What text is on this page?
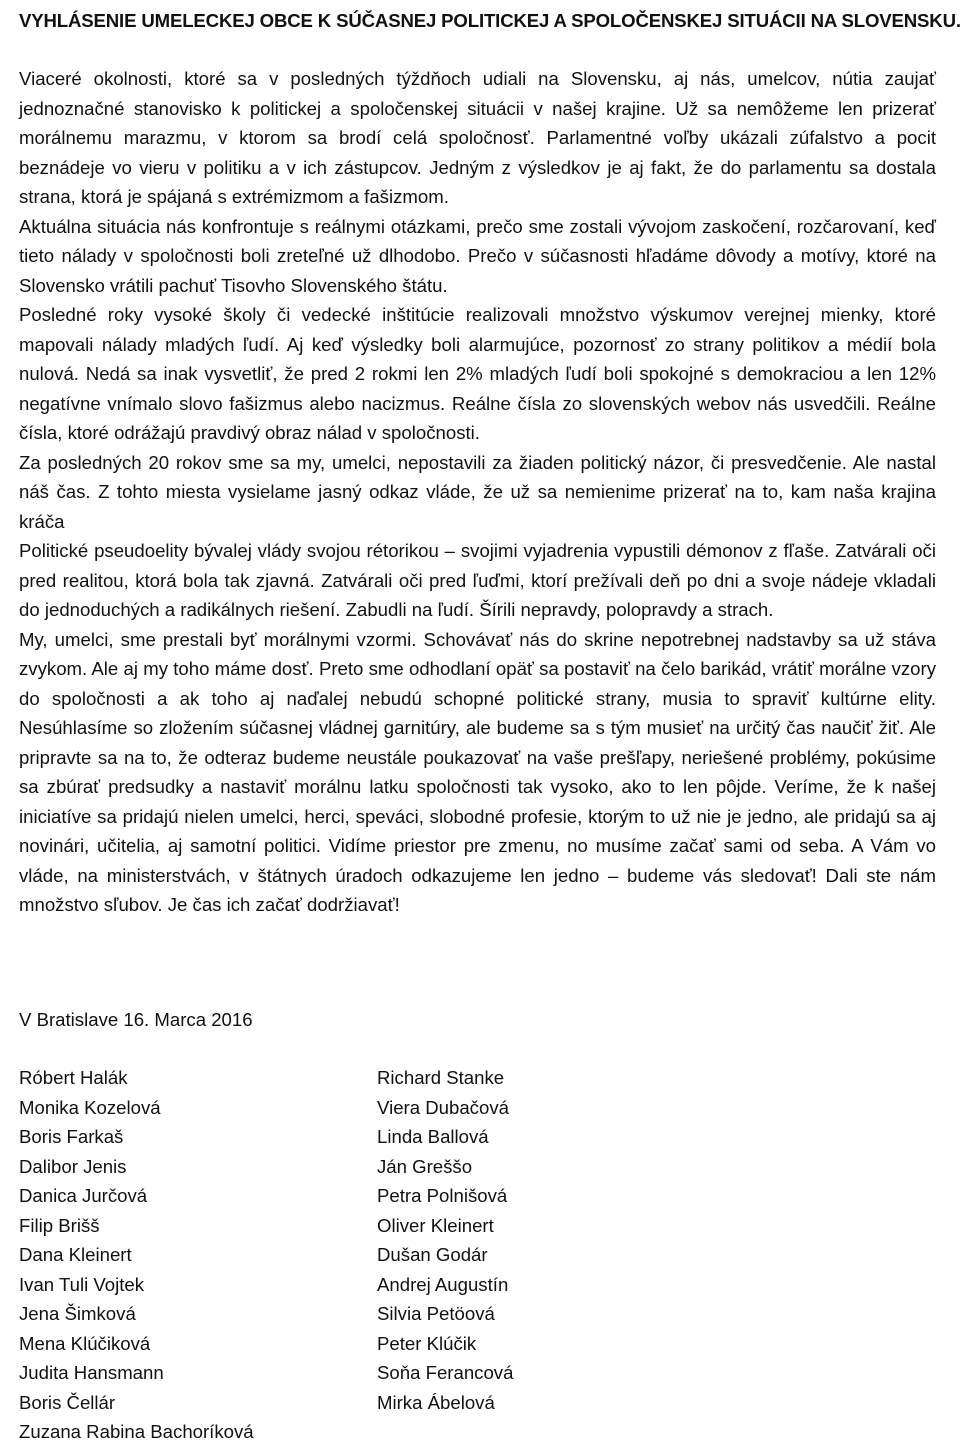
VYHLÁSENIE UMELECKEJ OBCE K SÚČASNEJ POLITICKEJ A SPOLOČENSKEJ SITUÁCII NA SLOVENSKU.

Viaceré okolnosti, ktoré sa v posledných týždňoch udiali na Slovensku, aj nás, umelcov, nútia zaujať jednoznačné stanovisko k politickej a spoločenskej situácii v našej krajine. Už sa nemôžeme len prizerať morálnemu marazmu, v ktorom sa brodí celá spoločnosť. Parlamentné voľby ukázali zúfalstvo a pocit beznádeje vo vieru v politiku a v ich zástupcov. Jedným z výsledkov je aj fakt, že do parlamentu sa dostala strana, ktorá je spájaná s extrémizmom a fašizmom.

Aktuálna situácia nás konfrontuje s reálnymi otázkami, prečo sme zostali vývojom zaskočení, rozčarovaní, keď tieto nálady v spoločnosti boli zreteľné už dlhodobo. Prečo v súčasnosti hľadáme dôvody a motívy, ktoré na Slovensko vrátili pachuť Tisovho Slovenského štátu.

Posledné roky vysoké školy či vedecké inštitúcie realizovali množstvo výskumov verejnej mienky, ktoré mapovali nálady mladých ľudí. Aj keď výsledky boli alarmujúce, pozornosť zo strany politikov a médií bola nulová. Nedá sa inak vysvetliť, že pred 2 rokmi len 2% mladých ľudí boli spokojné s demokraciou a len 12% negatívne vnímalo slovo fašizmus alebo nacizmus. Reálne čísla zo slovenských webov nás usvedčili. Reálne čísla, ktoré odrážajú pravdivý obraz nálad v spoločnosti.

Za posledných 20 rokov sme sa my, umelci, nepostavili za žiaden politický názor, či presvedčenie. Ale nastal náš čas. Z tohto miesta vysielame jasný odkaz vláde, že už sa nemienime prizerať na to, kam naša krajina kráča

Politické pseudoelity bývalej vlády svojou rétorikou – svojimi vyjadrenia vypustili démonov z fľaše. Zatvárali oči pred realitou, ktorá bola tak zjavná. Zatvárali oči pred ľuďmi, ktorí prežívali deň po dni a svoje nádeje vkladali do jednoduchých a radikálnych riešení. Zabudli na ľudí. Šírili nepravdy, polopravdy a strach.

My, umelci, sme prestali byť morálnymi vzormi. Schovávať nás do skrine nepotrebnej nadstavby sa už stáva zvykom. Ale aj my toho máme dosť. Preto sme odhodlaní opäť sa postaviť na čelo barikád, vrátiť morálne vzory do spoločnosti a ak toho aj naďalej nebudú schopné politické strany, musia to spraviť kultúrne elity. Nesúhlasíme so zložením súčasnej vládnej garnitúry, ale budeme sa s tým musieť na určitý čas naučiť žiť. Ale pripravte sa na to, že odteraz budeme neustále poukazovať na vaše prešľapy, neriešené problémy, pokúsime sa zbúrať predsudky a nastaviť morálnu latku spoločnosti tak vysoko, ako to len pôjde. Veríme, že k našej iniciatíve sa pridajú nielen umelci, herci, speváci, slobodné profesie, ktorým to už nie je jedno, ale pridajú sa aj novinári, učitelia, aj samotní politici. Vidíme priestor pre zmenu, no musíme začať sami od seba. A Vám vo vláde, na ministerstvách, v štátnych úradoch odkazujeme len jedno – budeme vás sledovať! Dali ste nám množstvo sľubov. Je čas ich začať dodržiavať!

V Bratislave 16. Marca 2016

Róbert Halák
Monika Kozelová
Boris Farkaš
Dalibor Jenis
Danica Jurčová
Filip Brišš
Dana Kleinert
Ivan Tuli Vojtek
Jena Šimková
Mena Klúčiková
Judita Hansmann
Boris Čellár
Zuzana Rabina Bachoríková
Richard Stanke
Viera Dubačová
Linda Ballová
Ján Greššo
Petra Polnišová
Oliver Kleinert
Dušan Godár
Andrej Augustín
Silvia Petöová
Peter Klúčik
Soňa Ferancová
Mirka Ábelová
